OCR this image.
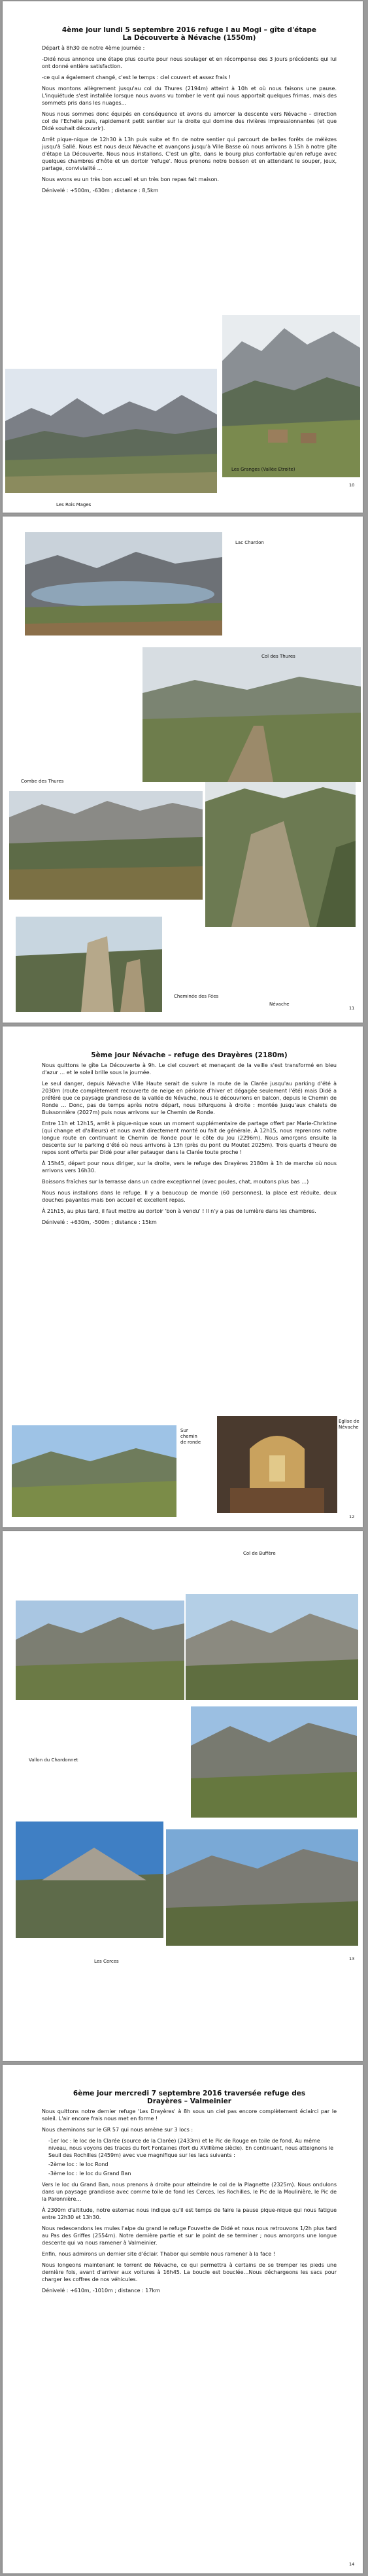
4ème jour lundi 5 septembre 2016 refuge I au Mogi – gîte d'étape
La Découverte à Névache (1550m)

Départ à 8h30 de notre 4ème journée :

-Didé nous annonce une étape plus courte pour nous soulager et en récompense des 3 jours précédents qui lui ont donné entière satisfaction.

-ce qui a également changé, c'est le temps : ciel couvert et assez frais !

Nous montons allègrement jusqu'au col du Thures (2194m) atteint à 10h et où nous faisons une pause. L'inquiétude s'est installée lorsque nous avons vu tomber le vent qui nous apportait quelques frimas, mais des sommets pris dans les nuages…

Nous nous sommes donc équipés en conséquence et avons du amorcer la descente vers Névache – direction col de l'Echelle puis, rapidement petit sentier sur la droite qui domine des rivières impressionnantes (et que Didé souhait découvrir).

Arrêt pique-nique de 12h30 à 13h puis suite et fin de notre sentier qui parcourt de belles forêts de mélèzes jusqu'à Sallé. Nous est nous deux Névache et avançons jusqu'à Ville Basse où nous arrivons à 15h à notre gîte d'étape La Découverte. Nous nous installons. C'est un gîte, dans le bourg plus confortable qu'en refuge avec quelques chambres d'hôte et un dortoir 'refuge'. Nous prenons notre boisson et en attendant le souper, jeux, partage, convivialité …

Nous avons eu un très bon accueil et un très bon repas fait maison.

Dénivelé : +500m, -630m ; distance : 8,5km

Les Granges (Vallée Etroite)
Les Rois Mages
10
Lac Chardon
Col des Thures
Combe des Thures
Névache
Cheminée des Fées
11
5ème jour Névache – refuge des Drayères (2180m)

Nous quittons le gîte La Découverte à 9h. Le ciel couvert et menaçant de la veille s'est transformé en bleu d'azur … et le soleil brille sous la journée.

Le seul danger, depuis Névache Ville Haute serait de suivre la route de la Clarée jusqu'au parking d'été à 2030m (route complètement recouverte de neige en période d'hiver et dégagée seulement l'été) mais Didé a préféré que ce paysage grandiose de la vallée de Névache, nous le découvrions en balcon, depuis le Chemin de Ronde … Donc, pas de temps après notre départ, nous bifurquons à droite : montée jusqu'aux chalets de Buissonnière (2027m) puis nous arrivons sur le Chemin de Ronde.

Entre 11h et 12h15, arrêt à pique-nique sous un moment supplémentaire de partage offert par Marie-Christine (qui change et d'ailleurs) et nous avait directement monté ou fait de générale. À 12h15, nous reprenons notre longue route en continuant le Chemin de Ronde pour le côte du Jou (2296m). Nous amorçons ensuite la descente sur le parking d'été où nous arrivons à 13h (près du pont du Moutet 2025m). Trois quarts d'heure de repos sont offerts par Didé pour aller patauger dans la Clarée toute proche !

À 15h45, départ pour nous diriger, sur la droite, vers le refuge des Drayères 2180m à 1h de marche où nous arrivons vers 16h30.

Boissons fraîches sur la terrasse dans un cadre exceptionnel (avec poules, chat, moutons plus bas …)

Nous nous installons dans le refuge. Il y a beaucoup de monde (60 personnes), la place est réduite, deux douches payantes mais bon accueil et excellent repas.

À 21h15, au plus tard, il faut mettre au dortoir 'bon à vendu' ! Il n'y a pas de lumière dans les chambres.

Dénivelé : +630m, -500m ; distance : 15km

Sur chemin de ronde
Eglise de Névache
12
Col de Buffère
Vallon du Chardonnet
Les Cerces	13
6ème jour mercredi 7 septembre 2016 traversée refuge des
Drayères – Valmeinier

Nous quittons notre dernier refuge 'Les Drayères' à 8h sous un ciel pas encore complètement éclairci par le soleil. L'air encore frais nous met en forme !

Nous cheminons sur le GR 57 qui nous amène sur 3 locs :

-1er loc : le loc de la Clarée (source de la Clarée) (2433m) et le Pic de Rouge en toile de fond. Au même niveau, nous voyons des traces du fort Fontaines (fort du XVIIIème siècle). En continuant, nous atteignons le Seuil des Rochilles (2459m) avec vue magnifique sur les lacs suivants :
-2ème loc : le loc Rond
-3ème loc : le loc du Grand Ban

Vers le loc du Grand Ban, nous prenons à droite pour atteindre le col de la Plagnette (2325m). Nous ondulons dans un paysage grandiose avec comme toile de fond les Cerces, les Rochilles, le Pic de la Moulinière, le Pic de la Paronnière…

À 2300m d'altitude, notre estomac nous indique qu'il est temps de faire la pause pique-nique qui nous fatigue entre 12h30 et 13h30.

Nous redescendons les mules l'alpe du grand le refuge Fouvette de Didé et nous nous retrouvons 1/2h plus tard au Pas des Griffes (2554m). Notre dernière partie et sur le point de se terminer ; nous amorçons une longue descente qui va nous ramener à Valmeinier.

Enfin, nous admirons un dernier site d'éclair. Thabor qui semble nous ramener à la face !

Nous longeons maintenant le torrent de Névache, ce qui permettra à certains de se tremper les pieds une dernière fois, avant d'arriver aux voitures à 16h45. La boucle est bouclée…Nous déchargeons les sacs pour charger les coffres de nos véhicules.

Dénivelé : +610m, -1010m ; distance : 17km

14
